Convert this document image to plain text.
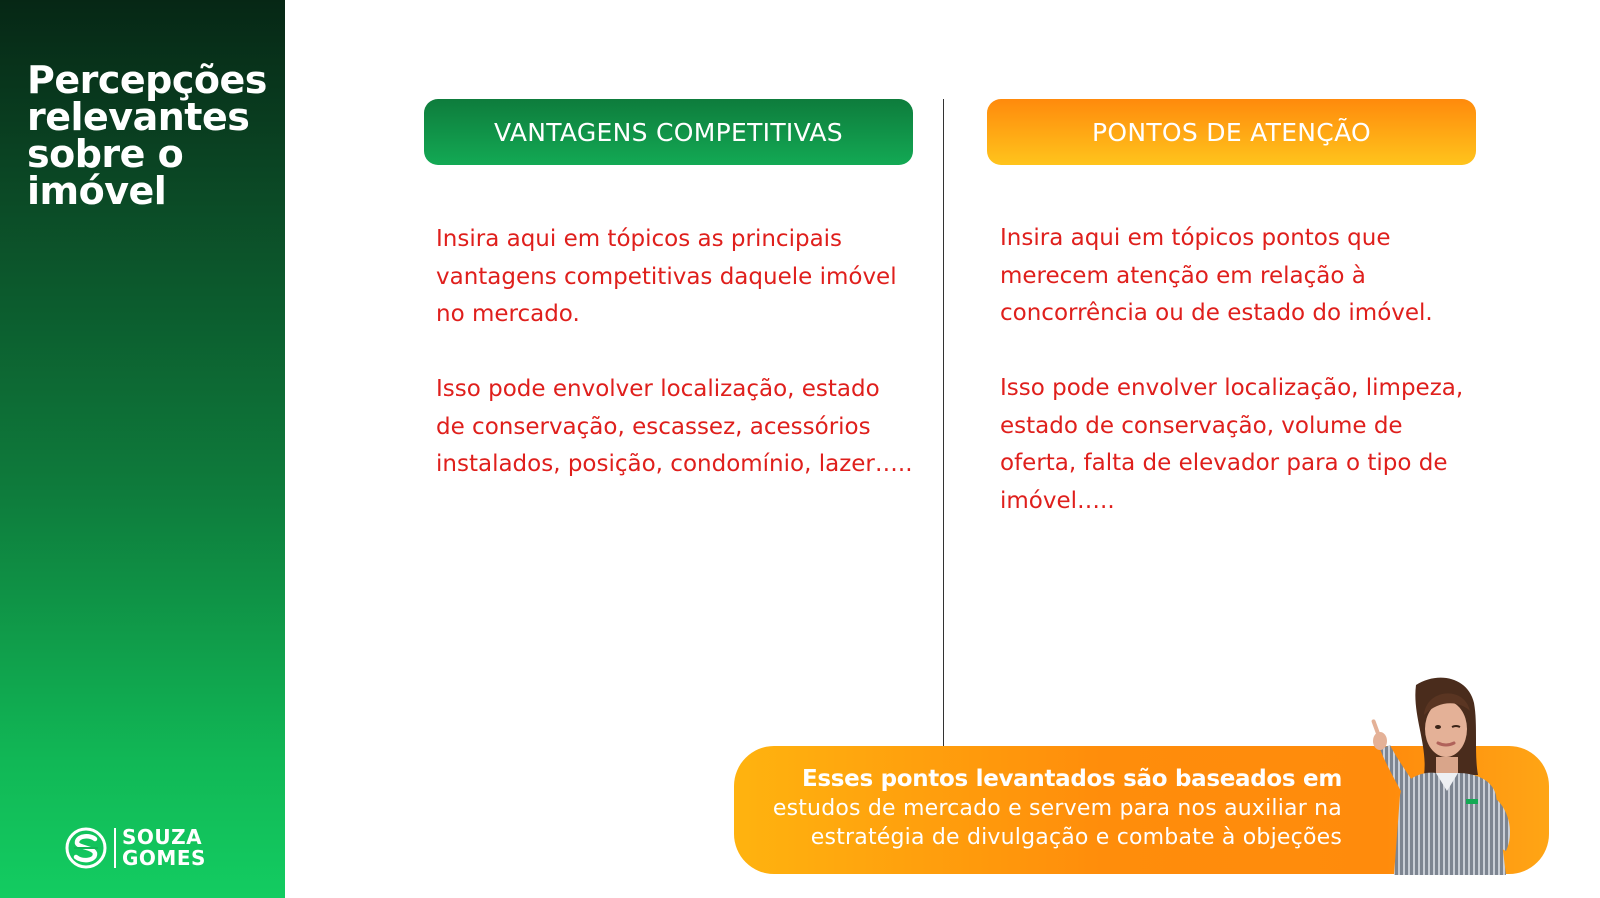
Percepções
relevantes
sobre o
imóvel
SOUZA
GOMES
VANTAGENS COMPETITIVAS	PONTOS DE ATENÇÃO

Insira aqui em tópicos as principais vantagens competitivas daquele imóvel no mercado.

Isso pode envolver localização, estado de conservação, escassez, acessórios instalados, posição, condomínio, lazer…..

Insira aqui em tópicos pontos que merecem atenção em relação à concorrência ou de estado do imóvel.

Isso pode envolver localização, limpeza, estado de conservação, volume de oferta, falta de elevador para o tipo de imóvel…..

Esses pontos levantados são baseados em
estudos de mercado e servem para nos auxiliar na
estratégia de divulgação e combate à objeções
